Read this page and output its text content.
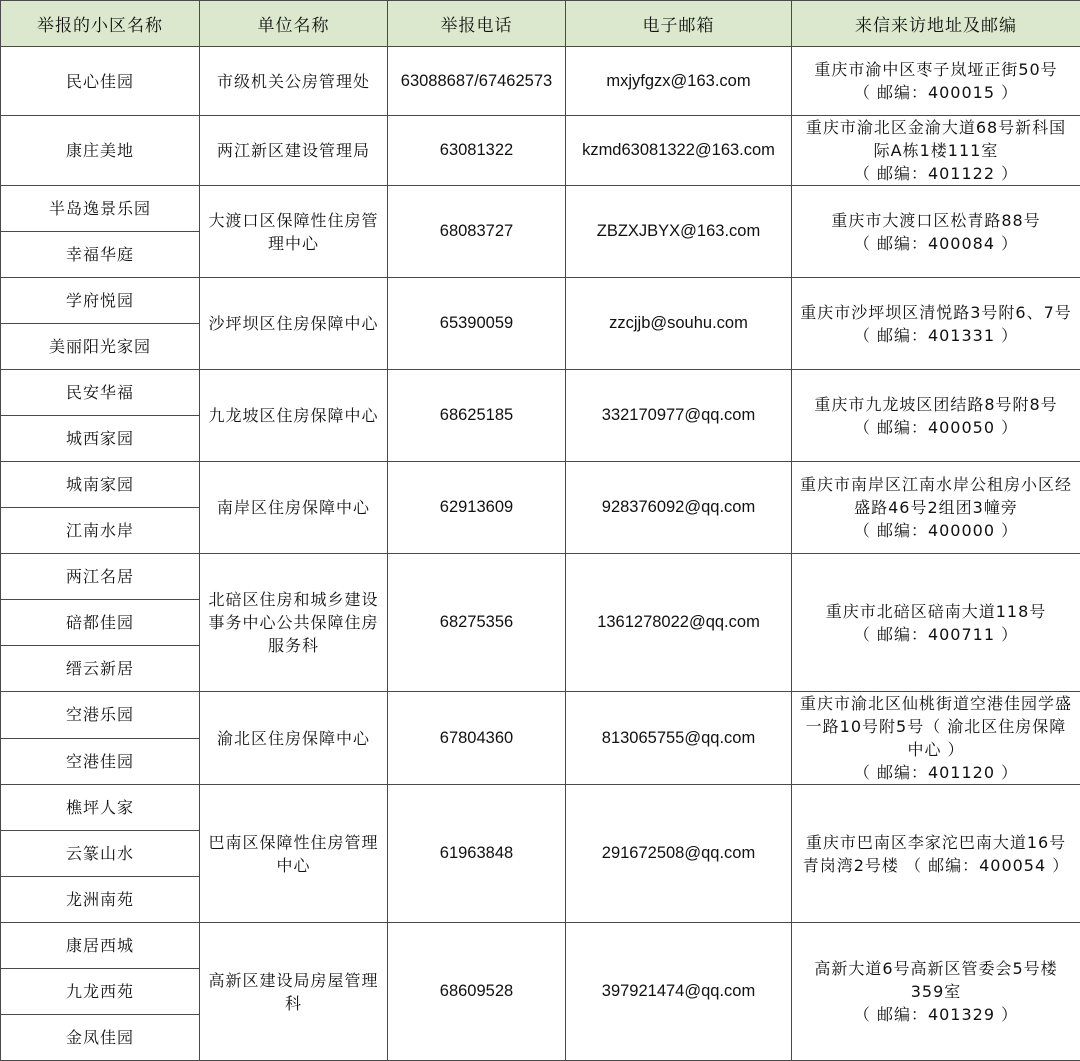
举报的小区名称	单位名称	举报电话	电子邮箱	来信来访地址及邮编
民心佳园	市级机关公房管理处	63088687/67462573	mxjyfgzx@163.com	重庆市渝中区枣子岚垭正街50号
（ 邮编：400015 ）

康庄美地	两江新区建设管理局	63081322	kzmd63081322@163.com	重庆市渝北区金渝大道68号新科国际A栋1楼111室
（ 邮编：401122 ）

半岛逸景乐园	大渡口区保障性住房管理中心	68083727	ZBZXJBYX@163.com	重庆市大渡口区松青路88号
（ 邮编：400084 ）

幸福华庭				
学府悦园	沙坪坝区住房保障中心	65390059	zzcjjb@souhu.com	重庆市沙坪坝区清悦路3号附6、7号
（ 邮编：401331 ）

美丽阳光家园				
民安华福	九龙坡区住房保障中心	68625185	332170977@qq.com	重庆市九龙坡区团结路8号附8号
（ 邮编：400050 ）

城西家园				
城南家园	南岸区住房保障中心	62913609	928376092@qq.com	重庆市南岸区江南水岸公租房小区经盛路46号2组团3幢旁
（ 邮编：400000 ）

江南水岸				
两江名居	北碚区住房和城乡建设事务中心公共保障住房服务科	68275356	1361278022@qq.com	重庆市北碚区碚南大道118号
（ 邮编：400711 ）

碚都佳园				
缙云新居				
空港乐园	渝北区住房保障中心	67804360	813065755@qq.com	重庆市渝北区仙桃街道空港佳园学盛一路10号附5号（ 渝北区住房保障中心 ）
（ 邮编：401120 ）

空港佳园				
樵坪人家	巴南区保障性住房管理中心	61963848	291672508@qq.com	重庆市巴南区李家沱巴南大道16号青岗湾2号楼 （ 邮编：400054 ）

云篆山水				
龙洲南苑				
康居西城	高新区建设局房屋管理科	68609528	397921474@qq.com	高新大道6号高新区管委会5号楼359室
（ 邮编：401329 ）

九龙西苑				
金凤佳园				
